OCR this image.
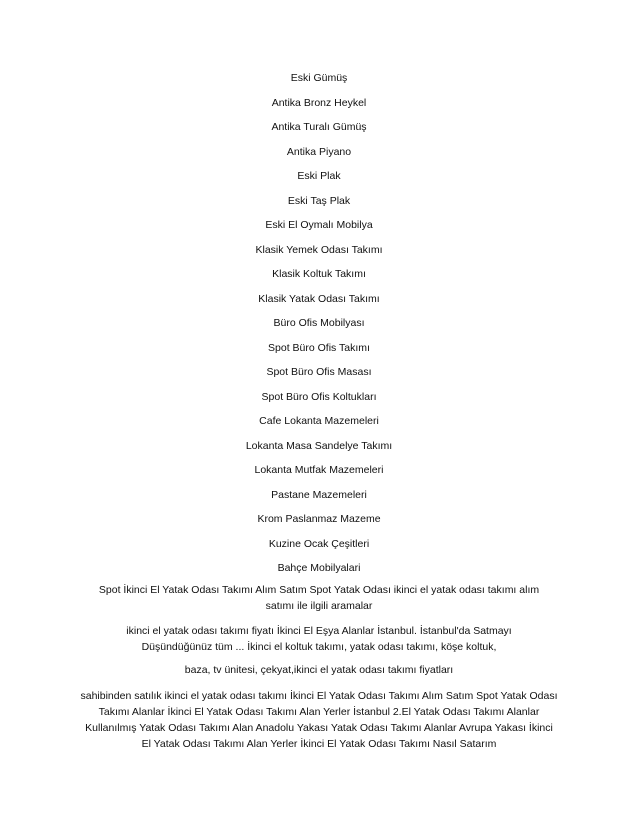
Eski Gümüş
Antika Bronz Heykel
Antika Turalı Gümüş
Antika Piyano
Eski Plak
Eski Taş Plak
Eski El Oymalı Mobilya
Klasik Yemek Odası Takımı
Klasik Koltuk Takımı
Klasik Yatak Odası Takımı
Büro Ofis Mobilyası
Spot Büro Ofis Takımı
Spot Büro Ofis Masası
Spot Büro Ofis Koltukları
Cafe Lokanta Mazemeleri
Lokanta Masa Sandelye Takımı
Lokanta Mutfak Mazemeleri
Pastane Mazemeleri
Krom Paslanmaz Mazeme
Kuzine Ocak Çeşitleri
Bahçe Mobilyalari

Spot İkinci El Yatak Odası Takımı Alım Satım Spot Yatak Odası ikinci el yatak odası takımı alım satımı ile ilgili aramalar

ikinci el yatak odası takımı fiyatı İkinci El Eşya Alanlar İstanbul. İstanbul'da Satmayı Düşündüğünüz tüm ... İkinci el koltuk takımı, yatak odası takımı, köşe koltuk,

baza, tv ünitesi, çekyat,ikinci el yatak odası takımı fiyatları

sahibinden satılık ikinci el yatak odası takımı İkinci El Yatak Odası Takımı Alım Satım Spot Yatak Odası Takımı Alanlar İkinci El Yatak Odası Takımı Alan Yerler İstanbul 2.El Yatak Odası Takımı Alanlar Kullanılmış Yatak Odası Takımı Alan Anadolu Yakası Yatak Odası Takımı Alanlar Avrupa Yakası İkinci El Yatak Odası Takımı Alan Yerler İkinci El Yatak Odası Takımı Nasıl Satarım
